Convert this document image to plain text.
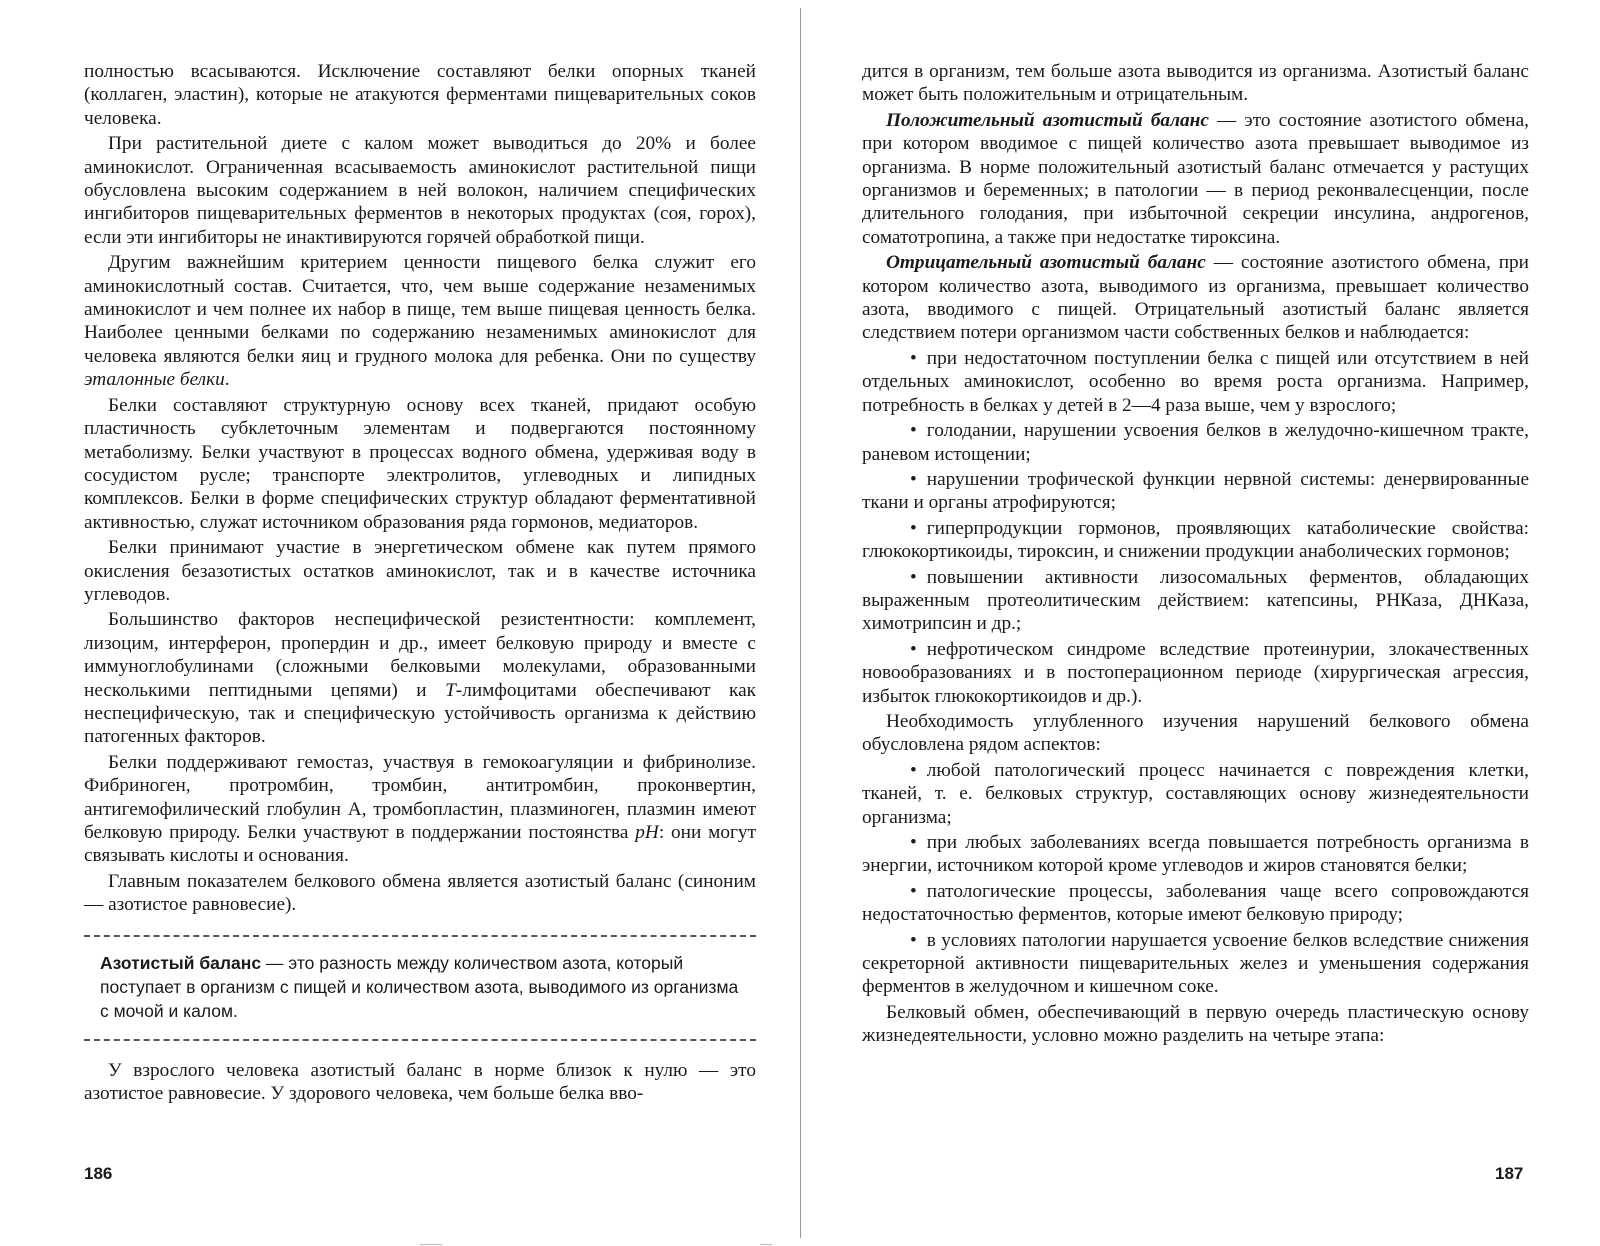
полностью всасываются. Исключение составляют белки опорных тканей (коллаген, эластин), которые не атакуются ферментами пищеварительных соков человека.

При растительной диете с калом может выводиться до 20% и более аминокислот. Ограниченная всасываемость аминокислот растительной пищи обусловлена высоким содержанием в ней волокон, наличием специфических ингибиторов пищеварительных ферментов в некоторых продуктах (соя, горох), если эти ингибиторы не инактивируются горячей обработкой пищи.

Другим важнейшим критерием ценности пищевого белка служит его аминокислотный состав. Считается, что, чем выше содержание незаменимых аминокислот и чем полнее их набор в пище, тем выше пищевая ценность белка. Наиболее ценными белками по содержанию незаменимых аминокислот для человека являются белки яиц и грудного молока для ребенка. Они по существу эталонные белки.

Белки составляют структурную основу всех тканей, придают особую пластичность субклеточным элементам и подвергаются постоянному метаболизму. Белки участвуют в процессах водного обмена, удерживая воду в сосудистом русле; транспорте электролитов, углеводных и липидных комплексов. Белки в форме специфических структур обладают ферментативной активностью, служат источником образования ряда гормонов, медиаторов.

Белки принимают участие в энергетическом обмене как путем прямого окисления безазотистых остатков аминокислот, так и в качестве источника углеводов.

Большинство факторов неспецифической резистентности: комплемент, лизоцим, интерферон, пропердин и др., имеет белковую природу и вместе с иммуноглобулинами (сложными белковыми молекулами, образованными несколькими пептидными цепями) и Т-лимфоцитами обеспечивают как неспецифическую, так и специфическую устойчивость организма к действию патогенных факторов.

Белки поддерживают гемостаз, участвуя в гемокоагуляции и фибринолизе. Фибриноген, протромбин, тромбин, антитромбин, проконвертин, антигемофилический глобулин А, тромбопластин, плазминоген, плазмин имеют белковую природу. Белки участвуют в поддержании постоянства pH: они могут связывать кислоты и основания.

Главным показателем белкового обмена является азотистый баланс (синоним — азотистое равновесие).

Азотистый баланс — это разность между количеством азота, который поступает в организм с пищей и количеством азота, выводимого из организма с мочой и калом.

У взрослого человека азотистый баланс в норме близок к нулю — это азотистое равновесие. У здорового человека, чем больше белка вво-

186

дится в организм, тем больше азота выводится из организма. Азотистый баланс может быть положительным и отрицательным.

Положительный азотистый баланс — это состояние азотистого обмена, при котором вводимое с пищей количество азота превышает выводимое из организма. В норме положительный азотистый баланс отмечается у растущих организмов и беременных; в патологии — в период реконвалесценции, после длительного голодания, при избыточной секреции инсулина, андрогенов, соматотропина, а также при недостатке тироксина.

Отрицательный азотистый баланс — состояние азотистого обмена, при котором количество азота, выводимого из организма, превышает количество азота, вводимого с пищей. Отрицательный азотистый баланс является следствием потери организмом части собственных белков и наблюдается:

• при недостаточном поступлении белка с пищей или отсутствием в ней отдельных аминокислот, особенно во время роста организма. Например, потребность в белках у детей в 2—4 раза выше, чем у взрослого;

• голодании, нарушении усвоения белков в желудочно-кишечном тракте, раневом истощении;

• нарушении трофической функции нервной системы: денервированные ткани и органы атрофируются;

• гиперпродукции гормонов, проявляющих катаболические свойства: глюкокортикоиды, тироксин, и снижении продукции анаболических гормонов;

• повышении активности лизосомальных ферментов, обладающих выраженным протеолитическим действием: катепсины, РНКаза, ДНКаза, химотрипсин и др.;

• нефротическом синдроме вследствие протеинурии, злокачественных новообразованиях и в постоперационном периоде (хирургическая агрессия, избыток глюкокортикоидов и др.).

Необходимость углубленного изучения нарушений белкового обмена обусловлена рядом аспектов:

• любой патологический процесс начинается с повреждения клетки, тканей, т. е. белковых структур, составляющих основу жизнедеятельности организма;

• при любых заболеваниях всегда повышается потребность организма в энергии, источником которой кроме углеводов и жиров становятся белки;

• патологические процессы, заболевания чаще всего сопровождаются недостаточностью ферментов, которые имеют белковую природу;

• в условиях патологии нарушается усвоение белков вследствие снижения секреторной активности пищеварительных желез и уменьшения содержания ферментов в желудочном и кишечном соке.

Белковый обмен, обеспечивающий в первую очередь пластическую основу жизнедеятельности, условно можно разделить на четыре этапа:

187
